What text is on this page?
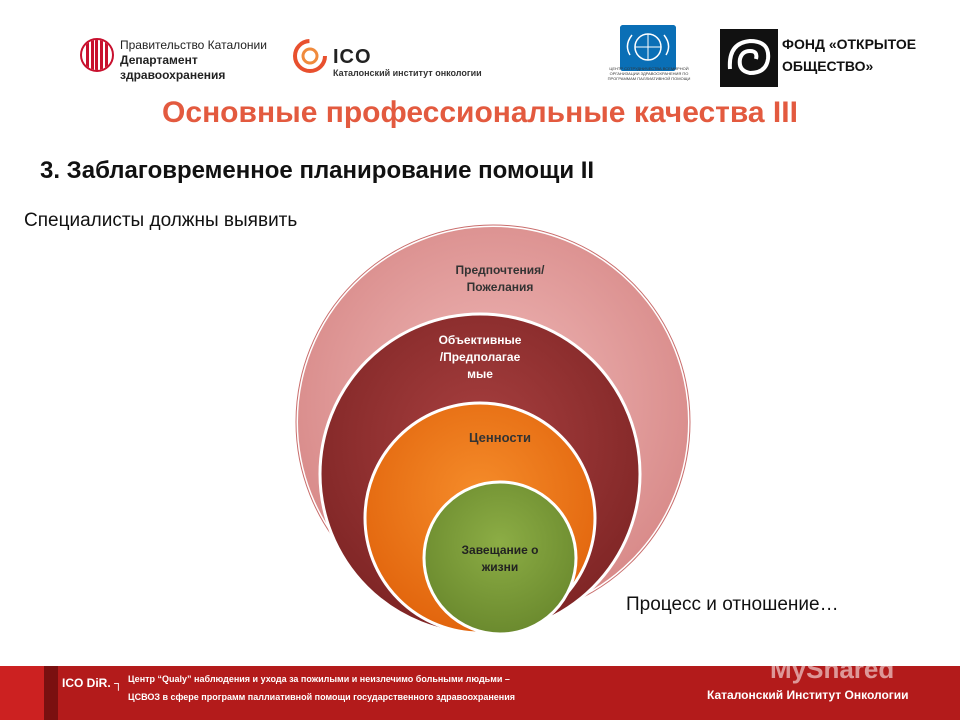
Правительство Каталонии
Департамент
здравоохранения
ICO
Каталонский институт онкологии	ЦЕНТР СОТРУДНИЧЕСТВА ВСЕМИРНОЙ ОРГАНИЗАЦИИ ЗДРАВООХРАНЕНИЯ ПО ПРОГРАММАМ ПАЛЛИАТИВНОЙ ПОМОЩИ
ФОНД «ОТКРЫТОЕ
ОБЩЕСТВО»
Основные профессиональные качества III
3. Заблаговременное планирование помощи II
Специалисты должны выявить
Предпочтения/
Пожелания
Объективные
/Предполагае
мые
Ценности
Завещание о
жизни
Процесс и отношение…
ICO DiR. ┐ Центр “Qualy” наблюдения и ухода за пожилыми и неизлечимо больными людьми –
ЦСВОЗ в сфере программ паллиативной помощи государственного здравоохранения	Каталонский Институт Онкологии
MyShared
